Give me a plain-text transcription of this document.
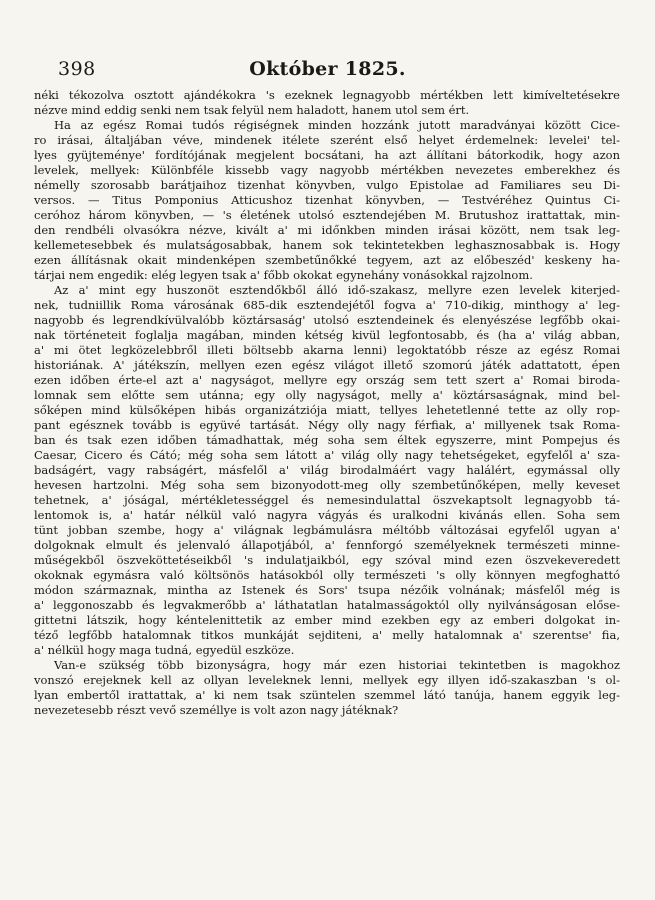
398	Október 1825.
néki tékozolva osztott ajándékokra 's ezeknek legnagyobb mértékben lett kimíveltetésekre
nézve mind eddig senki nem tsak felyül nem haladott, hanem utol sem ért.
Ha az egész Romai tudós régiségnek minden hozzánk jutott maradványai között Cice-
ro irásai, általjában véve, mindenek itélete szerént első helyet érdemelnek: levelei' tel-
lyes gyüjteménye' fordítójának megjelent bocsátani, ha azt állítani bátorkodik, hogy azon
levelek, mellyek: Különbféle kissebb vagy nagyobb mértékben nevezetes emberekhez és
némelly szorosabb barátjaihoz tizenhat könyvben, vulgo Epistolae ad Familiares seu Di-
versos. — Titus Pomponius Atticushoz tizenhat könyvben, — Testvéréhez Quintus Ci-
ceróhoz három könyvben, — 's életének utolsó esztendejében M. Brutushoz irattattak, min-
den rendbéli olvasókra nézve, kivált a' mi időnkben minden irásai között, nem tsak leg-
kellemetesebbek és mulatságosabbak, hanem sok tekintetekben leghasznosabbak is. Hogy
ezen állításnak okait mindenképen szembetűnőkké tegyem, azt az előbeszéd' keskeny ha-
tárjai nem engedik: elég legyen tsak a' főbb okokat egynehány vonásokkal rajzolnom.
Az a' mint egy huszonöt esztendőkből álló idő-szakasz, mellyre ezen levelek kiterjed-
nek, tudniillik Roma városának 685-dik esztendejétől fogva a' 710-dikig, minthogy a' leg-
nagyobb és legrendkívülvalóbb köztársaság' utolsó esztendeinek és elenyészése legfőbb okai-
nak történeteit foglalja magában, minden kétség kivül legfontosabb, és (ha a' világ abban,
a' mi ötet legközelebbről illeti böltsebb akarna lenni) legoktatóbb része az egész Romai
historiának. A' játékszín, mellyen ezen egész világot illető szomorú játék adattatott, épen
ezen időben érte-el azt a' nagyságot, mellyre egy ország sem tett szert a' Romai biroda-
lomnak sem előtte sem utánna; egy olly nagyságot, melly a' köztársaságnak, mind bel-
sőképen mind külsőképen hibás organizátziója miatt, tellyes lehetetlenné tette az olly rop-
pant egésznek tovább is együvé tartását. Négy olly nagy férfiak, a' millyenek tsak Roma-
ban és tsak ezen időben támadhattak, még soha sem éltek egyszerre, mint Pompejus és
Caesar, Cicero és Cátó; még soha sem látott a' világ olly nagy tehetségeket, egyfelől a' sza-
badságért, vagy rabságért, másfelől a' világ birodalmáért vagy halálért, egymással olly
hevesen hartzolni. Még soha sem bizonyodott-meg olly szembetűnőképen, melly keveset
tehetnek, a' jóságal, mértékletességgel és nemesindulattal öszvekaptsolt legnagyobb tá-
lentomok is, a' határ nélkül való nagyra vágyás és uralkodni kivánás ellen. Soha sem
tünt jobban szembe, hogy a' világnak legbámulásra méltóbb változásai egyfelől ugyan a'
dolgoknak elmult és jelenvaló állapotjából, a' fennforgó személyeknek természeti minne-
műségekből öszveköttetéseikből 's indulatjaikból, egy szóval mind ezen öszvekeveredett
okoknak egymásra való költsönös hatásokból olly természeti 's olly könnyen megfoghattó
módon származnak, mintha az Istenek és Sors' tsupa nézőik volnának; másfelől még is
a' leggonoszabb és legvakmerőbb a' láthatatlan hatalmasságoktól olly nyilvánságosan előse-
gittetni látszik, hogy kéntelenittetik az ember mind ezekben egy az emberi dolgokat in-
téző legfőbb hatalomnak titkos munkáját sejditeni, a' melly hatalomnak a' szerentse' fia,
a' nélkül hogy maga tudná, egyedül eszköze.
Van-e szükség több bizonyságra, hogy már ezen historiai tekintetben is magokhoz
vonszó erejeknek kell az ollyan leveleknek lenni, mellyek egy illyen idő-szakaszban 's ol-
lyan embertől irattattak, a' ki nem tsak szüntelen szemmel látó tanúja, hanem eggyik leg-
nevezetesebb részt vevő személlye is volt azon nagy játéknak?
